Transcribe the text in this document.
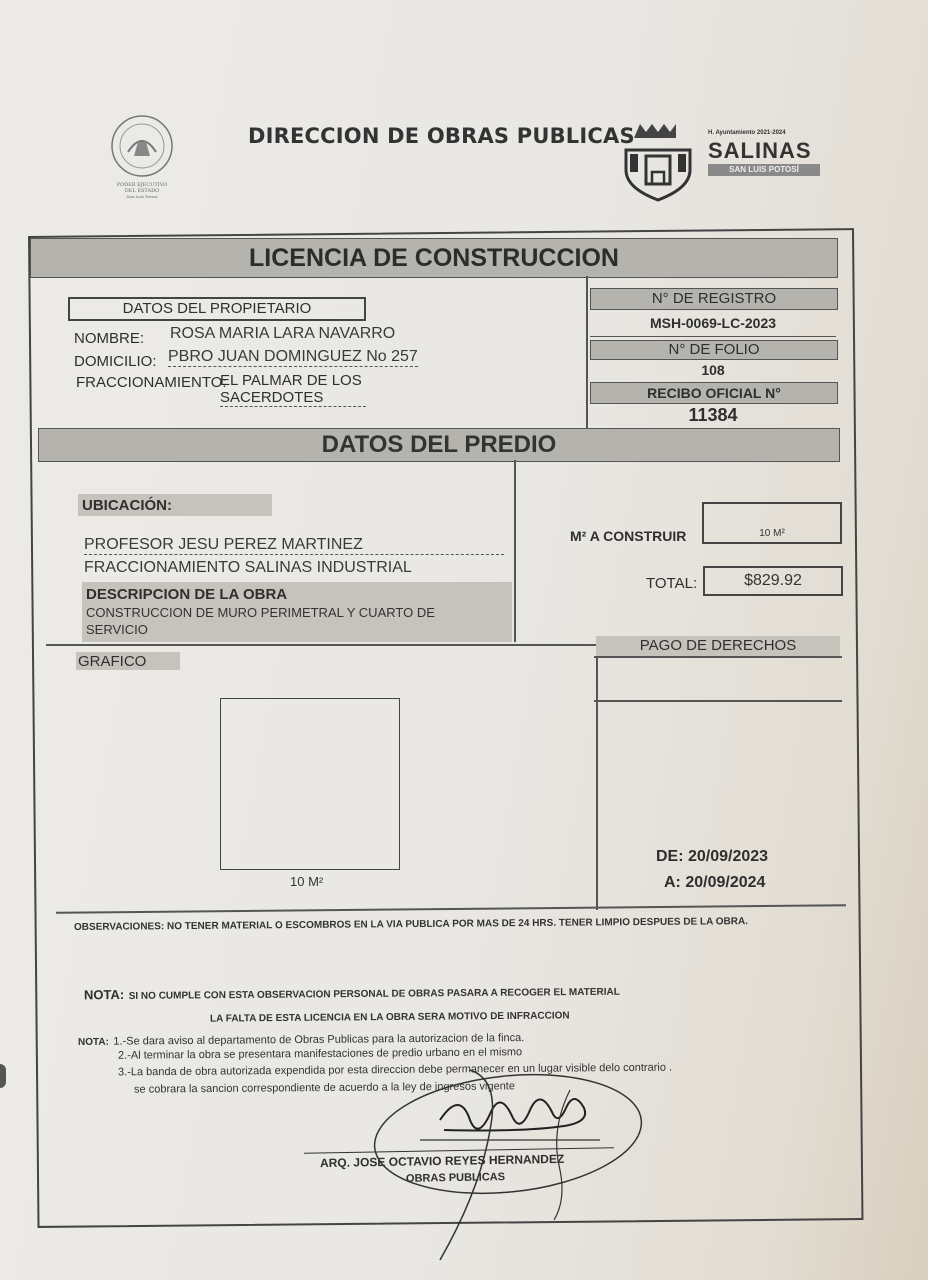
PODER EJECUTIVO
DEL ESTADO
San Luis Potosí
DIRECCION DE OBRAS PUBLICAS	H. Ayuntamiento 2021-2024
SALINAS
SAN LUIS POTOSÍ
LICENCIA DE CONSTRUCCION
DATOS DEL PROPIETARIO
NOMBRE: ROSA MARIA LARA NAVARRO
DOMICILIO: PBRO JUAN DOMINGUEZ No 257
FRACCIONAMIENTO:
EL PALMAR DE LOS SACERDOTES
N° DE REGISTRO
MSH-0069-LC-2023
N° DE FOLIO
108
RECIBO OFICIAL N°
11384
DATOS DEL PREDIO
UBICACIÓN:
PROFESOR JESU PEREZ MARTINEZ
FRACCIONAMIENTO SALINAS INDUSTRIAL
DESCRIPCION DE LA OBRA
CONSTRUCCION DE MURO PERIMETRAL Y CUARTO DE SERVICIO
M² A CONSTRUIR	10 M²
TOTAL:	$829.92
GRAFICO
10 M²
PAGO DE DERECHOS
DE: 20/09/2023
A: 20/09/2024
OBSERVACIONES: NO TENER MATERIAL O ESCOMBROS EN LA VIA PUBLICA POR MAS DE 24 HRS. TENER LIMPIO DESPUES DE LA OBRA.
NOTA: SI NO CUMPLE CON ESTA OBSERVACION PERSONAL DE OBRAS PASARA A RECOGER EL MATERIAL
LA FALTA DE ESTA LICENCIA EN LA OBRA SERA MOTIVO DE INFRACCION
NOTA: 1.-Se dara aviso al departamento de Obras Publicas para la autorizacion de la finca.
2.-Al terminar la obra se presentara manifestaciones de predio urbano en el mismo
3.-La banda de obra autorizada expendida por esta direccion debe permanecer en un lugar visible delo contrario .
se cobrara la sancion correspondiente de acuerdo a la ley de ingresos vigente
ARQ. JOSE OCTAVIO REYES HERNANDEZ
OBRAS PUBLICAS
